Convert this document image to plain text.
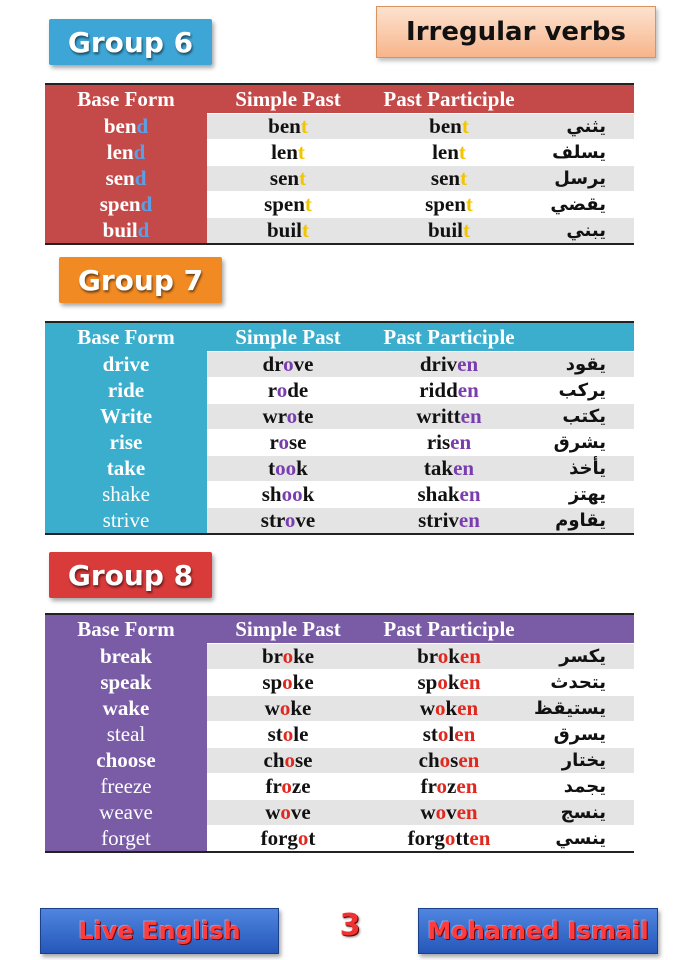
Irregular verbs
Group 6
Base Form	Simple Past	Past Participle
ben d	bent	bent	يثني
len d	lent	lent	يسلف
sen d	sent	sent	يرسل
spen d	spent	spent	يقضي
buil d	built	built	يبني
Group 7
Base Form	Simple Past	Past Participle
drive	drove	driven	يقود
ride	rode	ridden	يركب
Write	wrote	written	يكتب
rise	rose	risen	يشرق
take	took	taken	يأخذ
shake	shook	shaken	يهتز
strive	strove	striven	يقاوم
Group 8
Base Form	Simple Past	Past Participle
break	broke	broken	يكسر
speak	spoke	spoken	يتحدث
wake	woke	woken	يستيقظ
steal	stole	stolen	يسرق
choose	chose	chosen	يختار
freeze	froze	frozen	يجمد
weave	wove	woven	ينسج
forget	forgot	forgotten	ينسي
Live English	3	Mohamed Ismail
